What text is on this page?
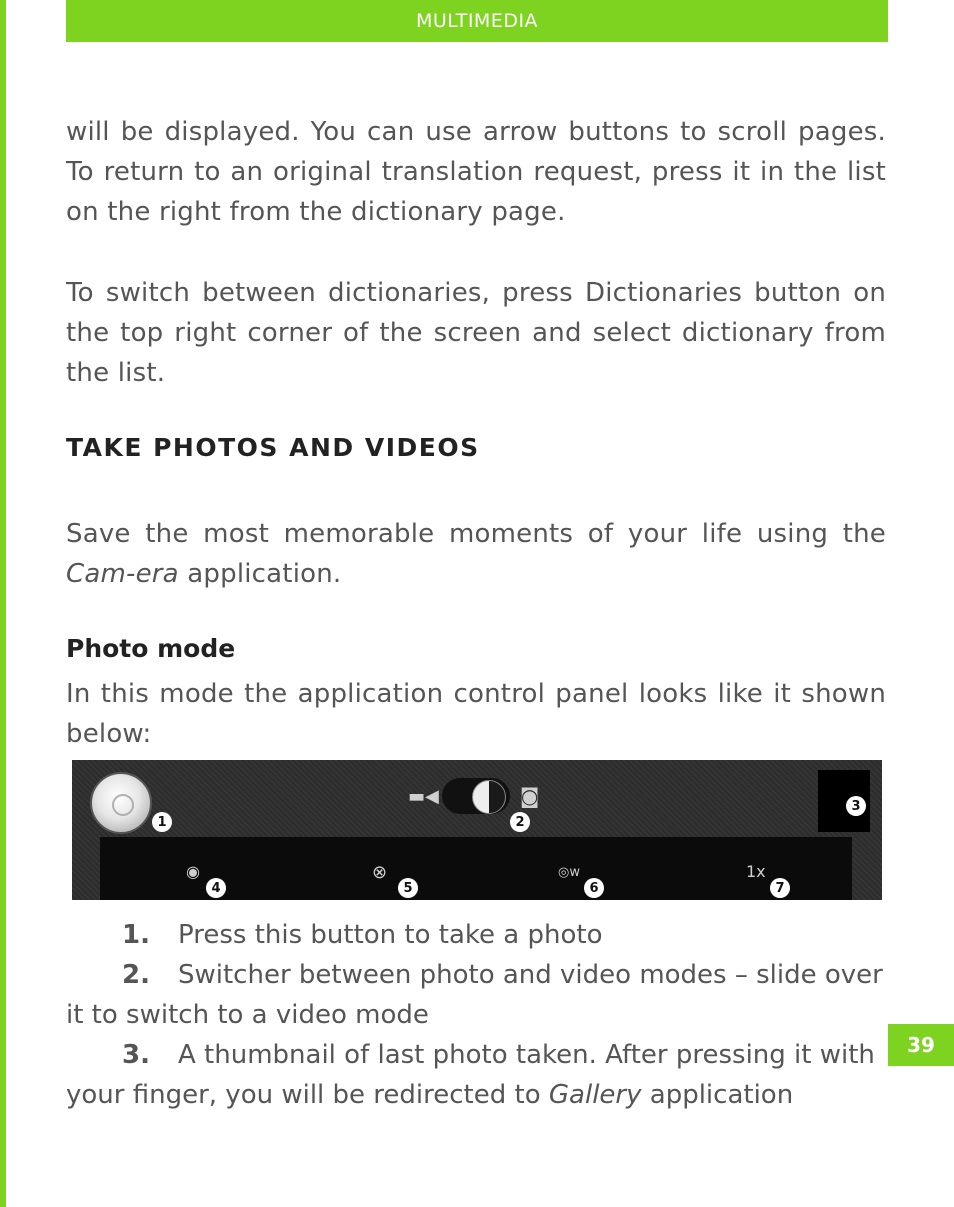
MULTIMEDIA

will be displayed. You can use arrow buttons to scroll pages. To return to an original translation request, press it in the list on the right from the dictionary page.

To switch between dictionaries, press Dictionaries button on the top right corner of the screen and select dictionary from the list.

TAKE PHOTOS AND VIDEOS

Save the most memorable moments of your life using the Cam-era application.

Photo mode

In this mode the application control panel looks like it shown below:

1
▬◀	◙
2
3
◉
4
⊗
5
◎w
6
1x
7
1. Press this button to take a photo
2. Switcher between photo and video modes – slide over
it to switch to a video mode
3. A thumbnail of last photo taken. After pressing it with
your finger, you will be redirected to Gallery application
39
